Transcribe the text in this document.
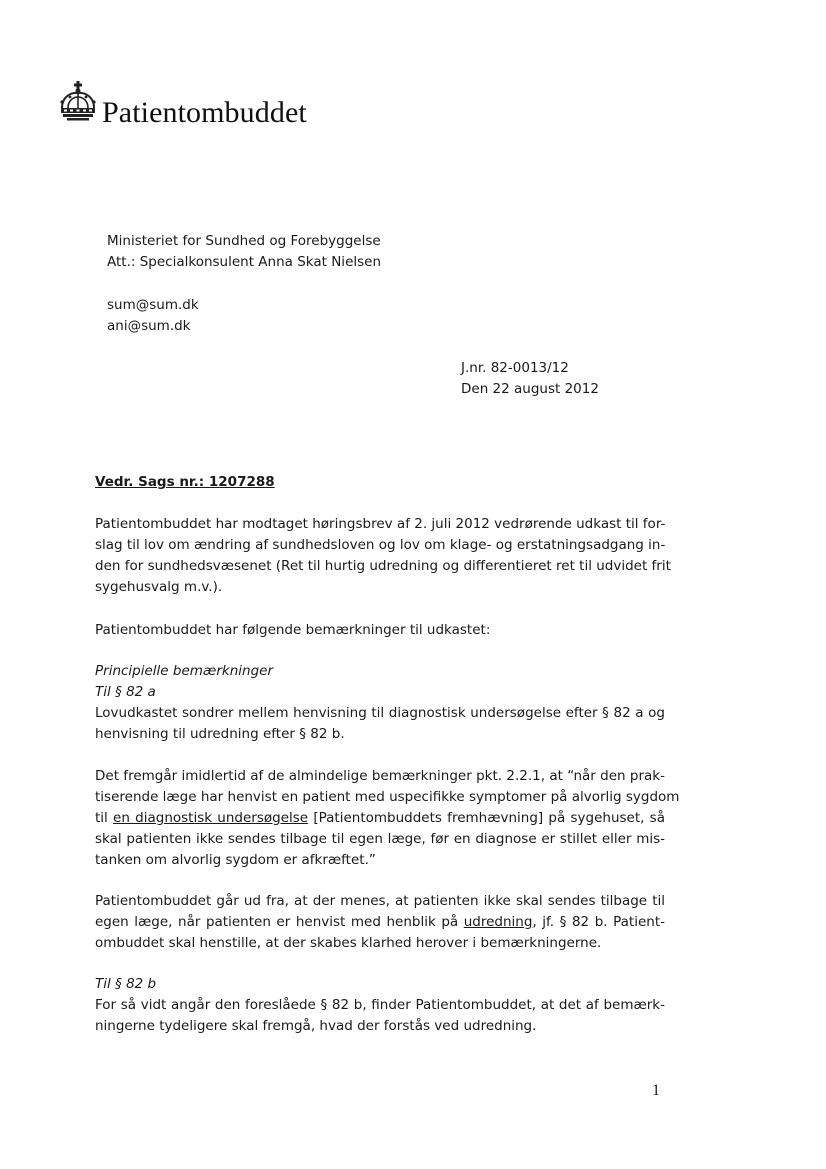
Patientombuddet
Ministeriet for Sundhed og Forebyggelse
Att.: Specialkonsulent Anna Skat Nielsen
sum@sum.dk
ani@sum.dk
J.nr. 82-0013/12
Den 22 august 2012
Vedr. Sags nr.: 1207288
Patientombuddet har modtaget høringsbrev af 2. juli 2012 vedrørende udkast til for-
slag til lov om ændring af sundhedsloven og lov om klage- og erstatningsadgang in-
den for sundhedsvæsenet (Ret til hurtig udredning og differentieret ret til udvidet frit
sygehusvalg m.v.).
Patientombuddet har følgende bemærkninger til udkastet:
Principielle bemærkninger
Til § 82 a
Lovudkastet sondrer mellem henvisning til diagnostisk undersøgelse efter § 82 a og
henvisning til udredning efter § 82 b.
Det fremgår imidlertid af de almindelige bemærkninger pkt. 2.2.1, at “når den prak-
tiserende læge har henvist en patient med uspecifikke symptomer på alvorlig sygdom
til en diagnostisk undersøgelse [Patientombuddets fremhævning] på sygehuset, så
skal patienten ikke sendes tilbage til egen læge, før en diagnose er stillet eller mis-
tanken om alvorlig sygdom er afkræftet.”
Patientombuddet går ud fra, at der menes, at patienten ikke skal sendes tilbage til
egen læge, når patienten er henvist med henblik på udredning, jf. § 82 b. Patient-
ombuddet skal henstille, at der skabes klarhed herover i bemærkningerne.
Til § 82 b
For så vidt angår den foreslåede § 82 b, finder Patientombuddet, at det af bemærk-
ningerne tydeligere skal fremgå, hvad der forstås ved udredning.
1
